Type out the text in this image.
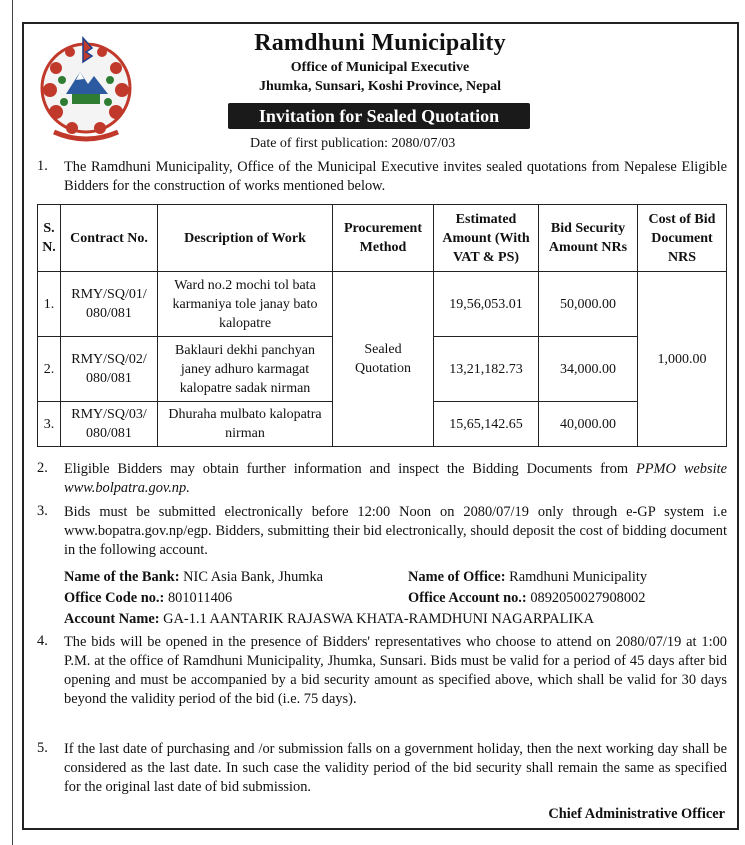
Ramdhuni Municipality
Office of Municipal Executive
Jhumka, Sunsari, Koshi Province, Nepal
Invitation for Sealed Quotation
Date of first publication: 2080/07/03
1.	The Ramdhuni Municipality, Office of the Municipal Executive invites sealed quotations from Nepalese Eligible Bidders for the construction of works mentioned below.
S. N.	Contract No.	Description of Work	Procurement Method	Estimated Amount (With VAT & PS)	Bid Security Amount NRs	Cost of Bid Document NRS
1.	RMY/SQ/01/ 080/081	Ward no.2 mochi tol bata karmaniya tole janay bato kalopatre	Sealed Quotation	19,56,053.01	50,000.00	1,000.00
2.	RMY/SQ/02/ 080/081	Baklauri dekhi panchyan janey adhuro karmagat kalopatre sadak nirman		13,21,182.73	34,000.00	
3.	RMY/SQ/03/ 080/081	Dhuraha mulbato kalopatra nirman		15,65,142.65	40,000.00	
2.	Eligible Bidders may obtain further information and inspect the Bidding Documents from PPMO website www.bolpatra.gov.np.
3.	Bids must be submitted electronically before 12:00 Noon on 2080/07/19 only through e-GP system i.e www.bopatra.gov.np/egp. Bidders, submitting their bid electronically, should deposit the cost of bidding document in the following account.
Name of the Bank: NIC Asia Bank, Jhumka	Name of Office: Ramdhuni Municipality
Office Code no.: 801011406	Office Account no.: 0892050027908002
Account Name: GA-1.1 AANTARIK RAJASWA KHATA-RAMDHUNI NAGARPALIKA
4.	The bids will be opened in the presence of Bidders' representatives who choose to attend on 2080/07/19 at 1:00 P.M. at the office of Ramdhuni Municipality, Jhumka, Sunsari. Bids must be valid for a period of 45 days after bid opening and must be accompanied by a bid security amount as specified above, which shall be valid for 30 days beyond the validity period of the bid (i.e. 75 days).
5.	If the last date of purchasing and /or submission falls on a government holiday, then the next working day shall be considered as the last date. In such case the validity period of the bid security shall remain the same as specified for the original last date of bid submission.
Chief Administrative Officer
